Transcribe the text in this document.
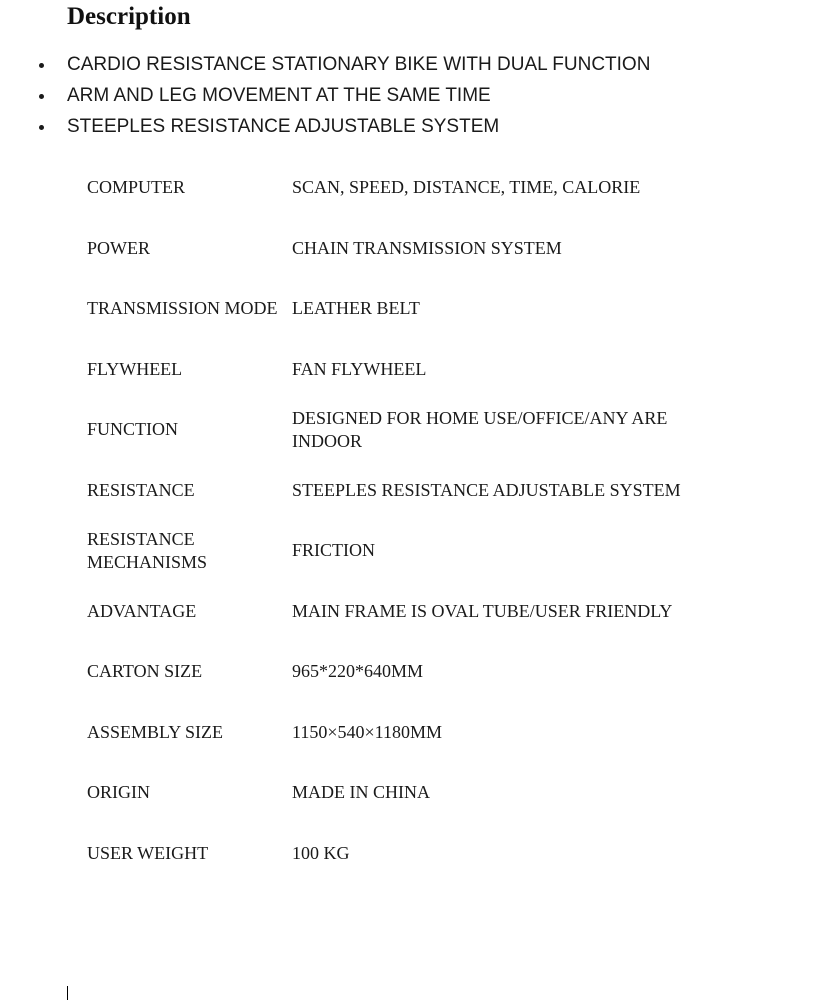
Description
CARDIO RESISTANCE STATIONARY BIKE WITH DUAL FUNCTION
ARM AND LEG MOVEMENT AT THE SAME TIME
STEEPLES RESISTANCE ADJUSTABLE SYSTEM
COMPUTER	SCAN, SPEED, DISTANCE, TIME, CALORIE
POWER	CHAIN TRANSMISSION SYSTEM
TRANSMISSION MODE	LEATHER BELT
FLYWHEEL	FAN FLYWHEEL
FUNCTION	DESIGNED FOR HOME USE/OFFICE/ANY ARE INDOOR
RESISTANCE	STEEPLES RESISTANCE ADJUSTABLE SYSTEM
RESISTANCE MECHANISMS	FRICTION
ADVANTAGE	MAIN FRAME IS OVAL TUBE/USER FRIENDLY
CARTON SIZE	965*220*640MM
ASSEMBLY SIZE	1150×540×1180MM
ORIGIN	MADE IN CHINA
USER WEIGHT	100 KG
